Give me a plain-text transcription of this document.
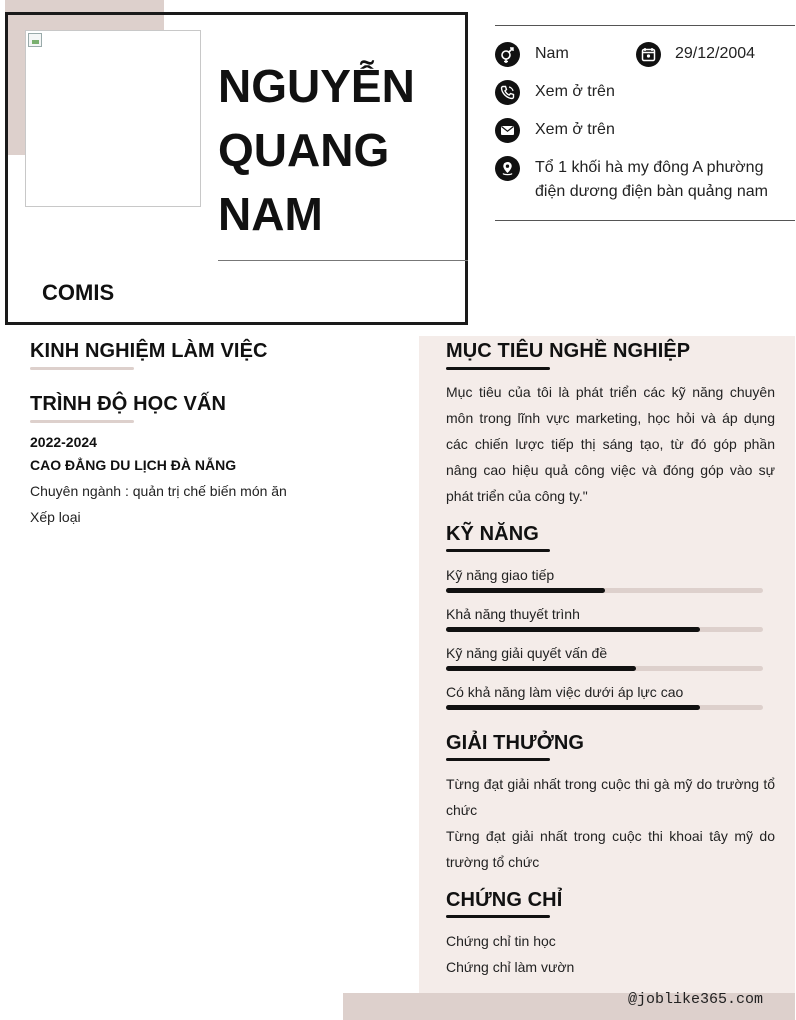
NGUYỄN
QUANG
NAM
COMIS
Nam	29/12/2004
Xem ở trên
Xem ở trên
Tổ 1 khối hà my đông A phường
điện dương điện bàn quảng nam
@joblike365.com
KINH NGHIỆM LÀM VIỆC
TRÌNH ĐỘ HỌC VẤN
2022-2024
CAO ĐẲNG DU LỊCH ĐÀ NẴNG
Chuyên ngành : quản trị chế biến món ăn
Xếp loại
MỤC TIÊU NGHỀ NGHIỆP
Mục tiêu của tôi là phát triển các kỹ năng chuyên môn trong lĩnh vực marketing, học hỏi và áp dụng các chiến lược tiếp thị sáng tạo, từ đó góp phần nâng cao hiệu quả công việc và đóng góp vào sự phát triển của công ty."
KỸ NĂNG
Kỹ năng giao tiếp
Khả năng thuyết trình
Kỹ năng giải quyết vấn đề
Có khả năng làm việc dưới áp lực cao
GIẢI THƯỞNG
Từng đạt giải nhất trong cuộc thi gà mỹ do trường tổ chức
Từng đạt giải nhất trong cuộc thi khoai tây mỹ do trường tổ chức
CHỨNG CHỈ
Chứng chỉ tin học
Chứng chỉ làm vườn
